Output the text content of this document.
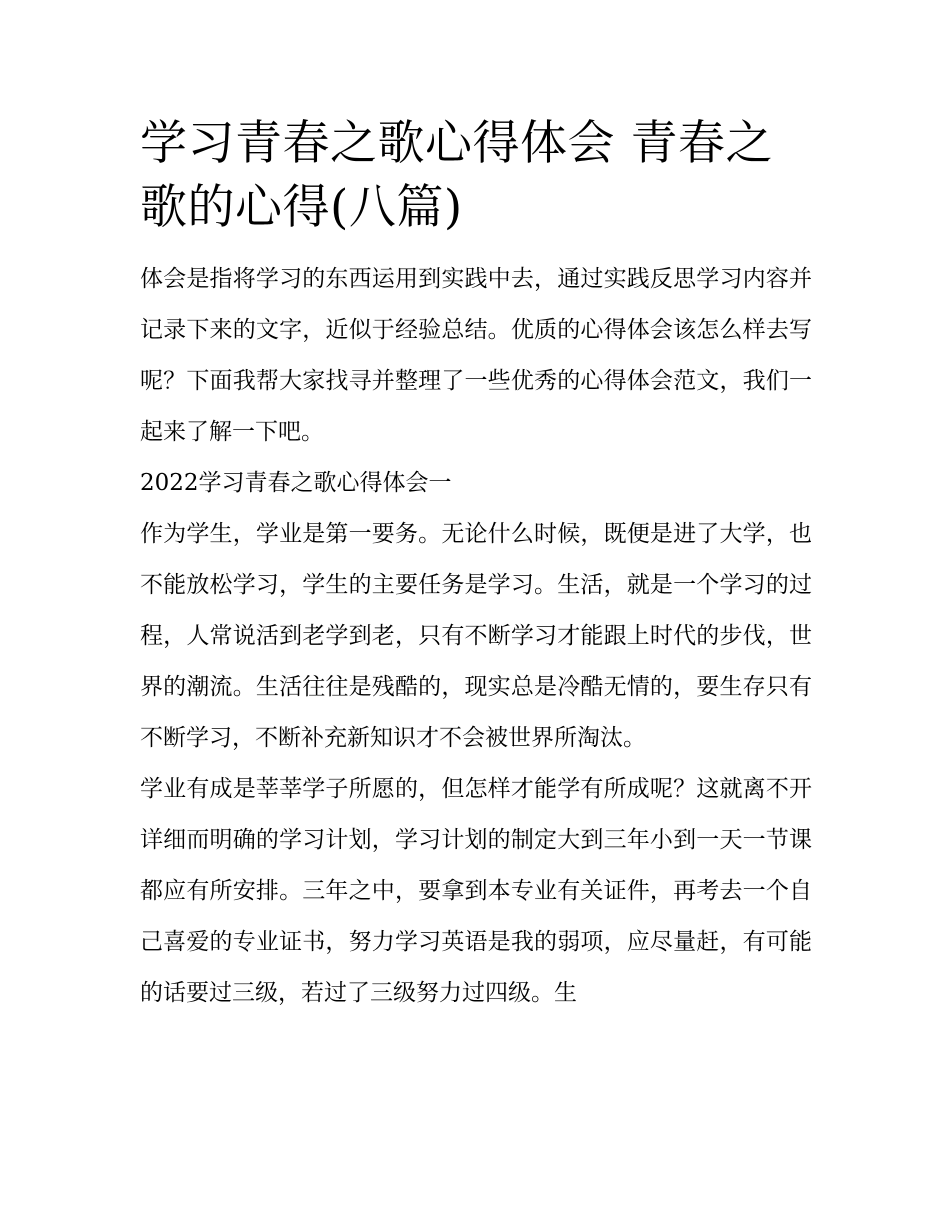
学习青春之歌心得体会 青春之歌的心得(八篇)

体会是指将学习的东西运用到实践中去，通过实践反思学习内容并记录下来的文字，近似于经验总结。优质的心得体会该怎么样去写呢？下面我帮大家找寻并整理了一些优秀的心得体会范文，我们一起来了解一下吧。

2022学习青春之歌心得体会一

作为学生，学业是第一要务。无论什么时候，既便是进了大学，也不能放松学习，学生的主要任务是学习。生活，就是一个学习的过程，人常说活到老学到老，只有不断学习才能跟上时代的步伐，世界的潮流。生活往往是残酷的，现实总是冷酷无情的，要生存只有不断学习，不断补充新知识才不会被世界所淘汰。

学业有成是莘莘学子所愿的，但怎样才能学有所成呢？这就离不开详细而明确的学习计划，学习计划的制定大到三年小到一天一节课都应有所安排。三年之中，要拿到本专业有关证件，再考去一个自己喜爱的专业证书，努力学习英语是我的弱项，应尽量赶，有可能的话要过三级，若过了三级努力过四级。生
